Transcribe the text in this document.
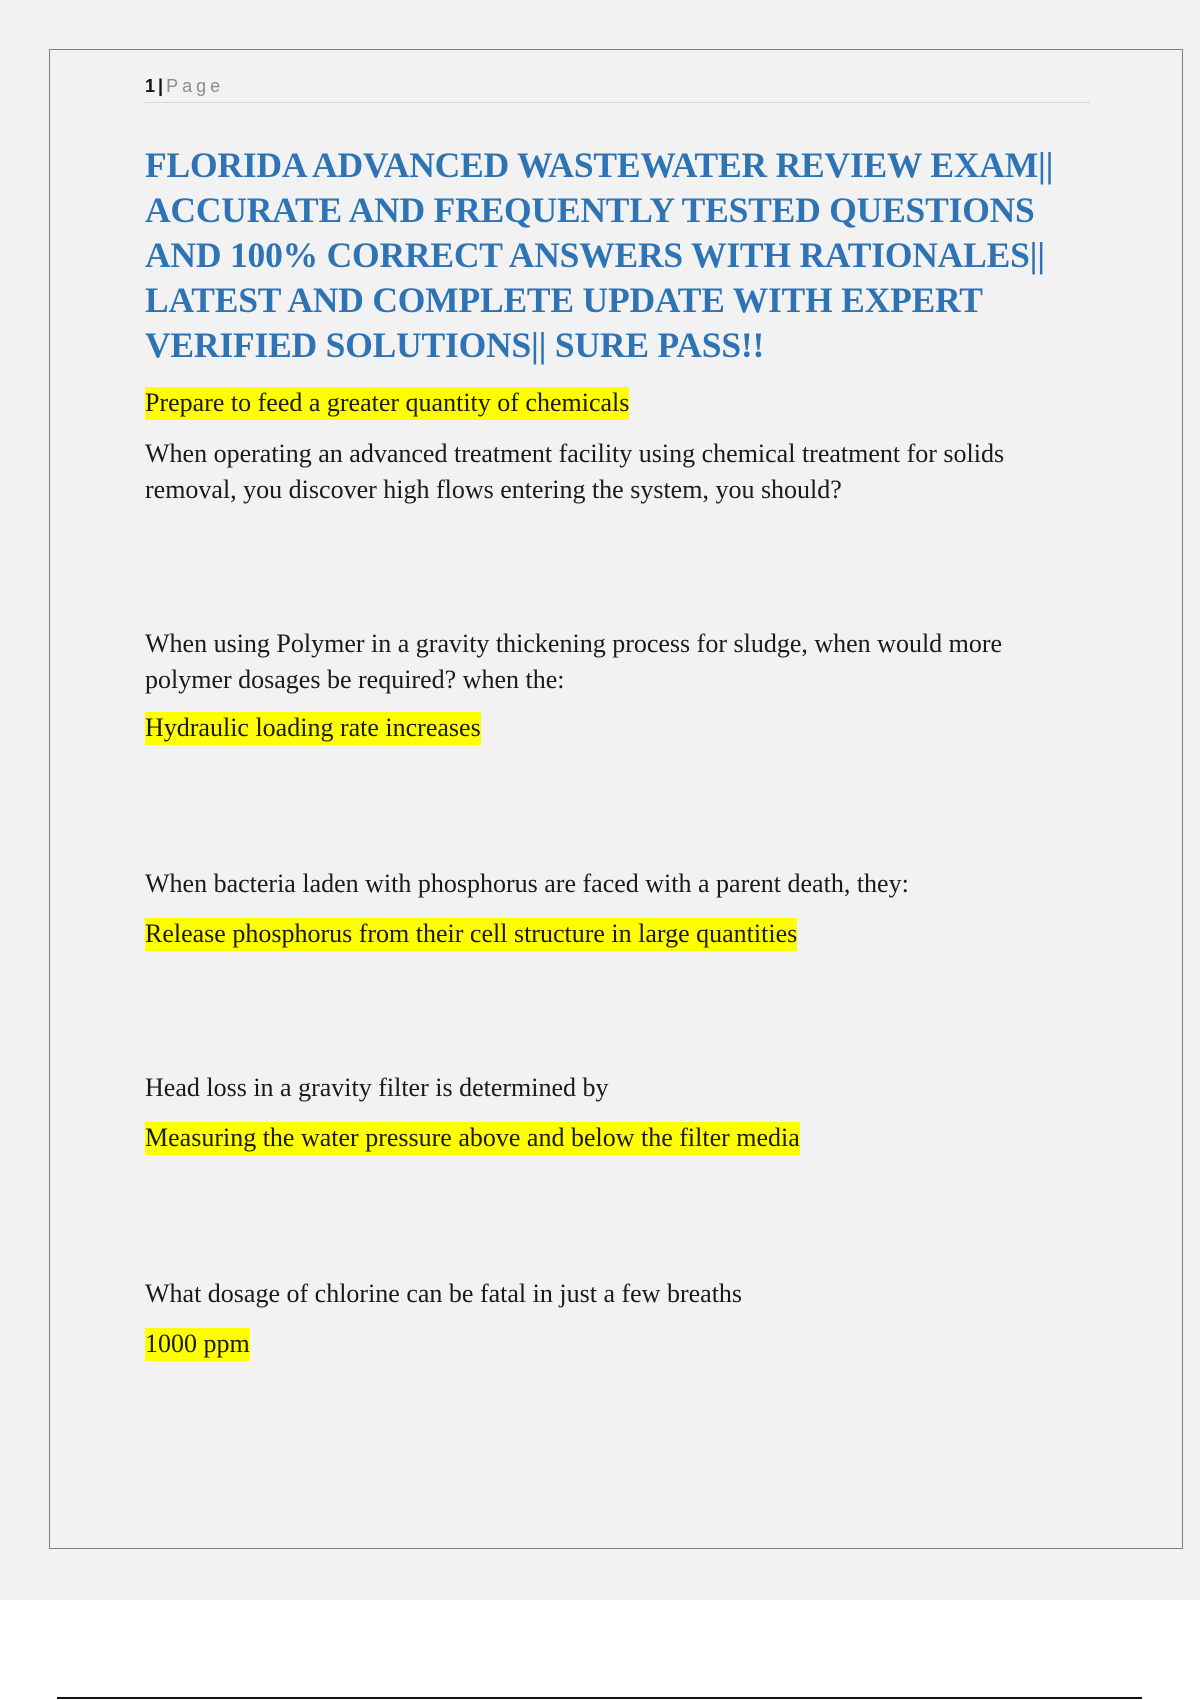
1 | Page
FLORIDA ADVANCED WASTEWATER REVIEW EXAM|| ACCURATE AND FREQUENTLY TESTED QUESTIONS AND 100% CORRECT ANSWERS WITH RATIONALES|| LATEST AND COMPLETE UPDATE WITH EXPERT VERIFIED SOLUTIONS|| SURE PASS!!

Prepare to feed a greater quantity of chemicals

When operating an advanced treatment facility using chemical treatment for solids removal, you discover high flows entering the system, you should?

When using Polymer in a gravity thickening process for sludge, when would more polymer dosages be required? when the:

Hydraulic loading rate increases

When bacteria laden with phosphorus are faced with a parent death, they:

Release phosphorus from their cell structure in large quantities

Head loss in a gravity filter is determined by

Measuring the water pressure above and below the filter media

What dosage of chlorine can be fatal in just a few breaths

1000 ppm
